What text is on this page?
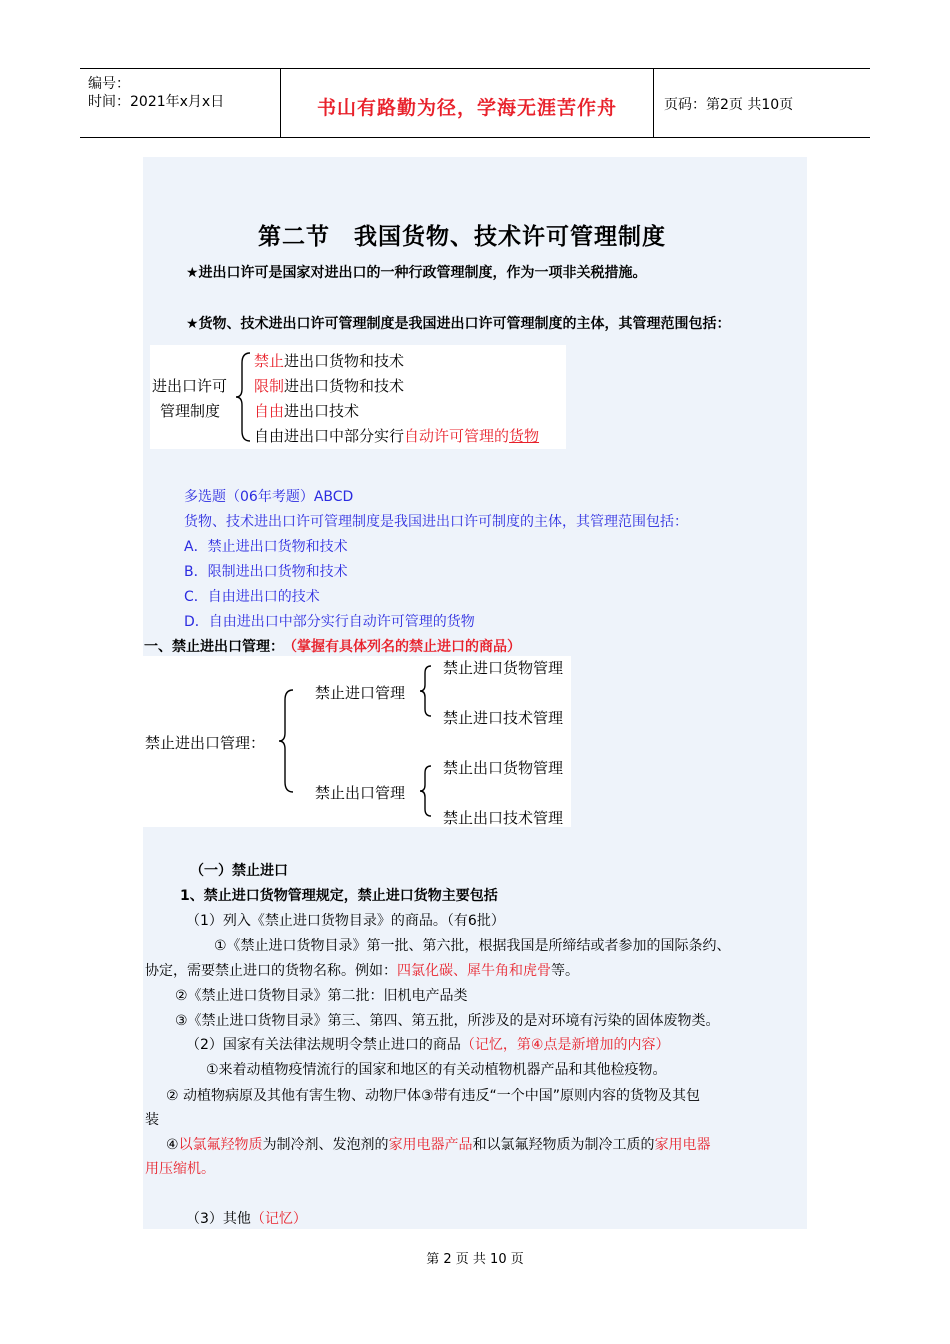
编号：
时间：2021年x月x日	书山有路勤为径，学海无涯苦作舟	页码：第2页 共10页
第二节　我国货物、技术许可管理制度
★进出口许可是国家对进出口的一种行政管理制度，作为一项非关税措施。
★货物、技术进出口许可管理制度是我国进出口许可管理制度的主体，其管理范围包括：
进出口许可
管理制度
禁止进出口货物和技术
限制进出口货物和技术
自由进出口技术
自由进出口中部分实行自动许可管理的货物
多选题（06年考题）ABCD
货物、技术进出口许可管理制度是我国进出口许可制度的主体，其管理范围包括：
A．禁止进出口货物和技术
B．限制进出口货物和技术
C．自由进出口的技术
D．自由进出口中部分实行自动许可管理的货物
一、禁止进出口管理： （掌握有具体列名的禁止进口的商品）
禁止进出口管理：
禁止进口管理
禁止出口管理
禁止进口货物管理
禁止进口技术管理
禁止出口货物管理
禁止出口技术管理
（一）禁止进口
1、禁止进口货物管理规定，禁止进口货物主要包括
（1）列入《禁止进口货物目录》的商品。（有6批）
①《禁止进口货物目录》第一批、第六批，根据我国是所缔结或者参加的国际条约、
协定，需要禁止进口的货物名称。例如：四氯化碳、犀牛角和虎骨等。
②《禁止进口货物目录》第二批：旧机电产品类
③《禁止进口货物目录》第三、第四、第五批，所涉及的是对环境有污染的固体废物类。
（2）国家有关法律法规明令禁止进口的商品（记忆，第④点是新增加的内容）
①来着动植物疫情流行的国家和地区的有关动植物机器产品和其他检疫物。
② 动植物病原及其他有害生物、动物尸体③带有违反“一个中国”原则内容的货物及其包
装
④以氯氟羟物质为制冷剂、发泡剂的家用电器产品和以氯氟羟物质为制冷工质的家用电器
用压缩机。
（3）其他（记忆）
第 2 页 共 10 页
